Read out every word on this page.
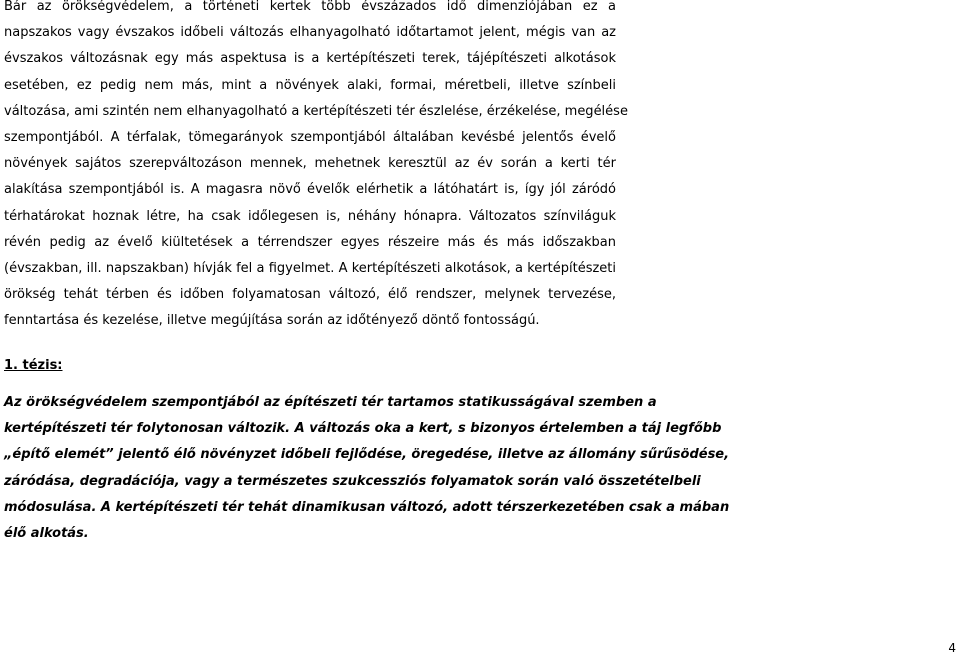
Bár az örökségvédelem, a történeti kertek több évszázados idő dimenziójában ez a
napszakos vagy évszakos időbeli változás elhanyagolható időtartamot jelent, mégis van az
évszakos változásnak egy más aspektusa is a kertépítészeti terek, tájépítészeti alkotások
esetében, ez pedig nem más, mint a növények alaki, formai, méretbeli, illetve színbeli
változása, ami szintén nem elhanyagolható a kertépítészeti tér észlelése, érzékelése, megélése
szempontjából. A térfalak, tömegarányok szempontjából általában kevésbé jelentős évelő
növények sajátos szerepváltozáson mennek, mehetnek keresztül az év során a kerti tér
alakítása szempontjából is. A magasra növő évelők elérhetik a látóhatárt is, így jól záródó
térhatárokat hoznak létre, ha csak időlegesen is, néhány hónapra. Változatos színviláguk
révén pedig az évelő kiültetések a térrendszer egyes részeire más és más időszakban
(évszakban, ill. napszakban) hívják fel a figyelmet. A kertépítészeti alkotások, a kertépítészeti
örökség tehát térben és időben folyamatosan változó, élő rendszer, melynek tervezése,
fenntartása és kezelése, illetve megújítása során az időtényező döntő fontosságú.
1. tézis:
Az örökségvédelem szempontjából az építészeti tér tartamos statikusságával szemben a
kertépítészeti tér folytonosan változik. A változás oka a kert, s bizonyos értelemben a táj legfőbb
„építő elemét” jelentő élő növényzet időbeli fejlődése, öregedése, illetve az állomány sűrűsödése,
záródása, degradációja, vagy a természetes szukcessziós folyamatok során való összetételbeli
módosulása. A kertépítészeti tér tehát dinamikusan változó, adott térszerkezetében csak a mában
élő alkotás.
4
